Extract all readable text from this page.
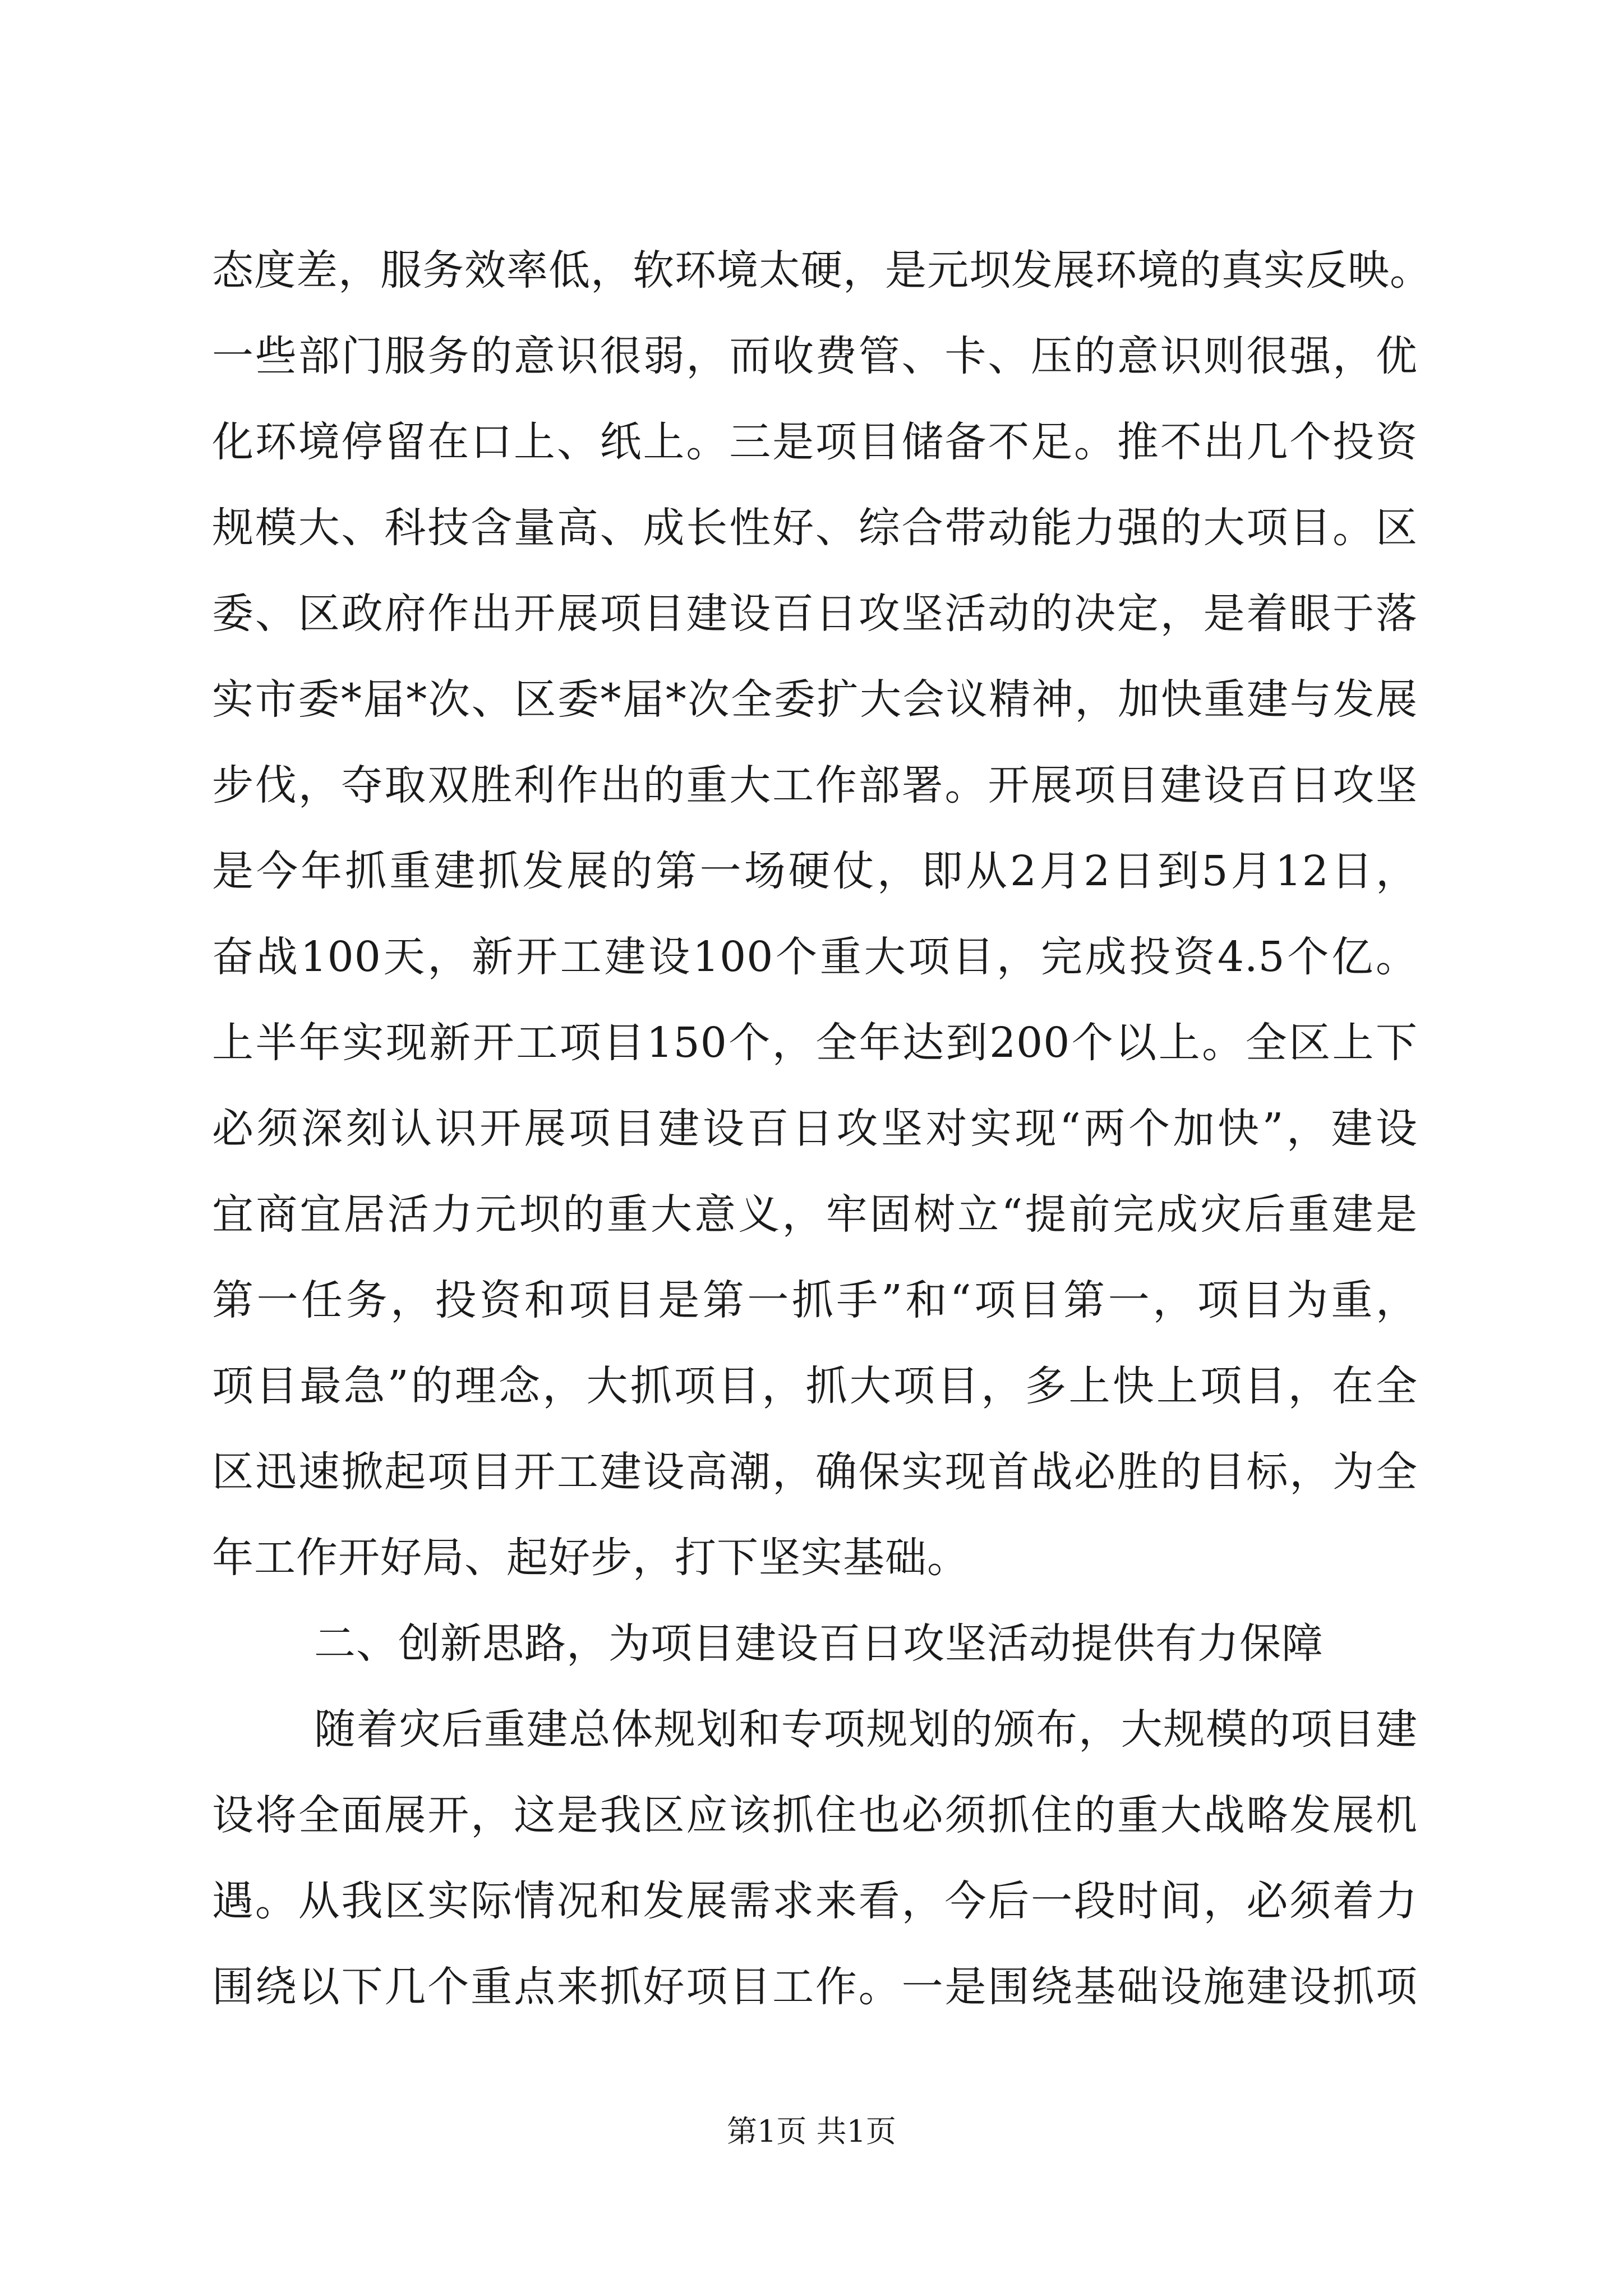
态度差，服务效率低，软环境太硬，是元坝发展环境的真实反映。
一些部门服务的意识很弱，而收费管、卡、压的意识则很强，优
化环境停留在口上、纸上。三是项目储备不足。推不出几个投资
规模大、科技含量高、成长性好、综合带动能力强的大项目。区
委、区政府作出开展项目建设百日攻坚活动的决定，是着眼于落
实市委*届*次、区委*届*次全委扩大会议精神，加快重建与发展
步伐，夺取双胜利作出的重大工作部署。开展项目建设百日攻坚
是今年抓重建抓发展的第一场硬仗，即从2月2日到5月12日，
奋战100天，新开工建设100个重大项目，完成投资4.5个亿。
上半年实现新开工项目150个，全年达到200个以上。全区上下
必须深刻认识开展项目建设百日攻坚对实现“两个加快”，建设
宜商宜居活力元坝的重大意义，牢固树立“提前完成灾后重建是
第一任务，投资和项目是第一抓手”和“项目第一，项目为重，
项目最急”的理念，大抓项目，抓大项目，多上快上项目，在全
区迅速掀起项目开工建设高潮，确保实现首战必胜的目标，为全
年工作开好局、起好步，打下坚实基础。
二、创新思路，为项目建设百日攻坚活动提供有力保障
随着灾后重建总体规划和专项规划的颁布，大规模的项目建
设将全面展开，这是我区应该抓住也必须抓住的重大战略发展机
遇。从我区实际情况和发展需求来看，今后一段时间，必须着力
围绕以下几个重点来抓好项目工作。一是围绕基础设施建设抓项
第1页 共1页
